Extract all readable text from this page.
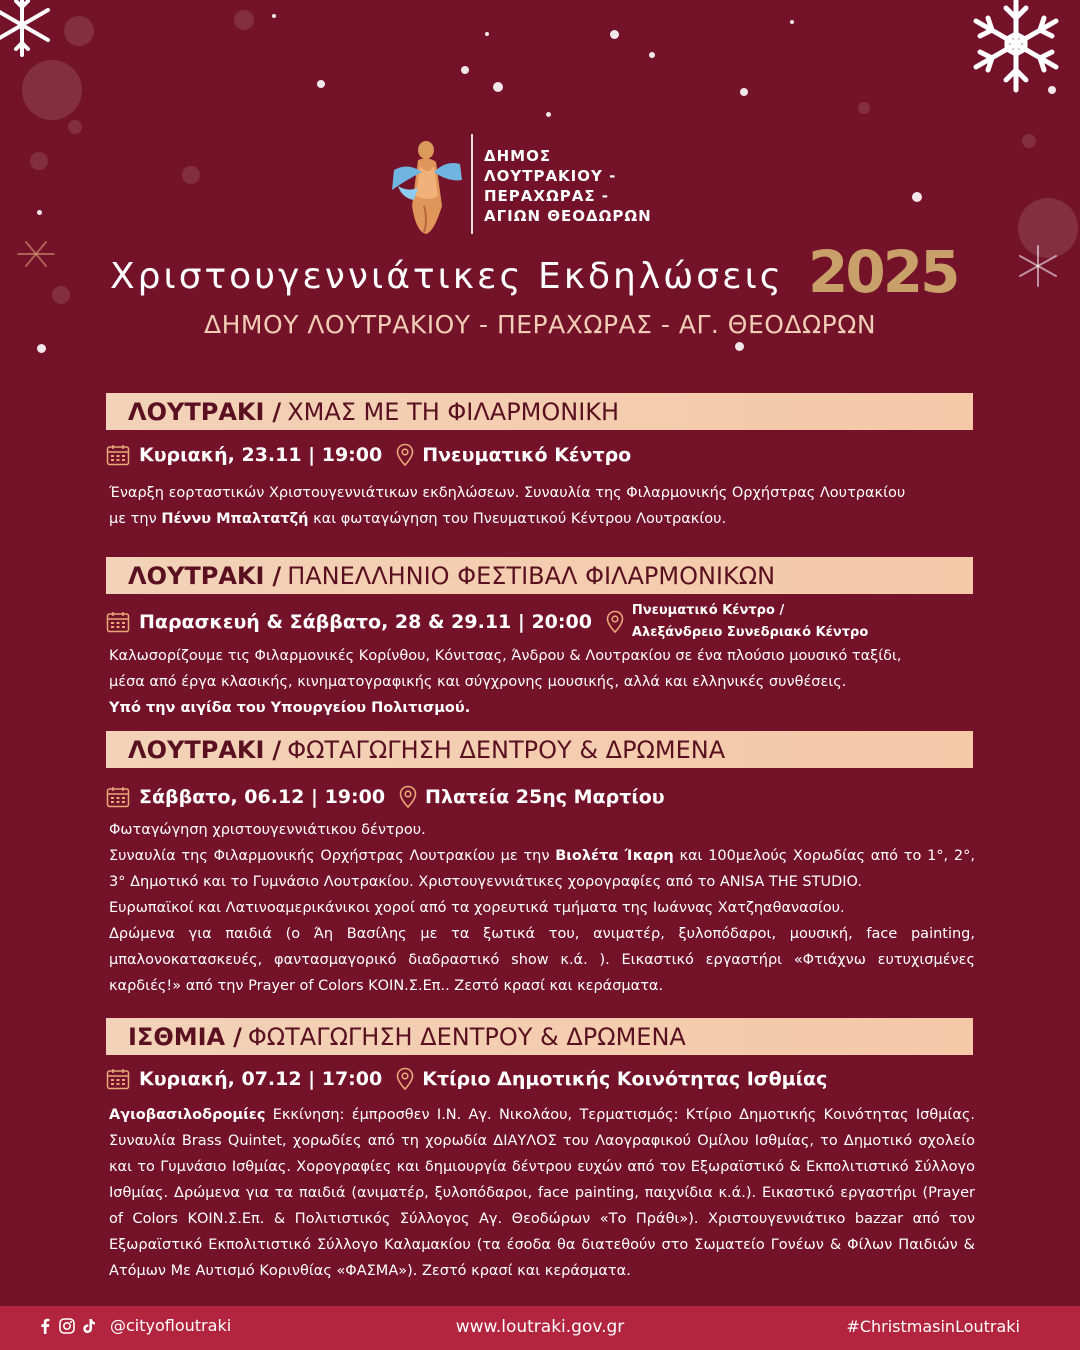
ΔΗΜΟΣ
ΛΟΥΤΡΑΚΙΟΥ -
ΠΕΡΑΧΩΡΑΣ -
ΑΓΙΩΝ ΘΕΟΔΩΡΩΝ
Χριστουγεννιάτικες Εκδηλώσεις 2025
ΔΗΜΟΥ ΛΟΥΤΡΑΚΙΟΥ - ΠΕΡΑΧΩΡΑΣ - ΑΓ. ΘΕΟΔΩΡΩΝ
ΛΟΥΤΡΑΚΙ / ΧΜΑΣ ΜΕ ΤΗ ΦΙΛΑΡΜΟΝΙΚΗ
Κυριακή, 23.11 | 19:00 Πνευματικό Κέντρο

Έναρξη εορταστικών Χριστουγεννιάτικων εκδηλώσεων. Συναυλία της Φιλαρμονικής Ορχήστρας Λουτρακίου

με την Πέννυ Μπαλτατζή και φωταγώγηση του Πνευματικού Κέντρου Λουτρακίου.

ΛΟΥΤΡΑΚΙ / ΠΑΝΕΛΛΗΝΙΟ ΦΕΣΤΙΒΑΛ ΦΙΛΑΡΜΟΝΙΚΩΝ
Παρασκευή & Σάββατο, 28 & 29.11 | 20:00
Πνευματικό Κέντρο /
Αλεξάνδρειο Συνεδριακό Κέντρο

Καλωσορίζουμε τις Φιλαρμονικές Κορίνθου, Κόνιτσας, Άνδρου & Λουτρακίου σε ένα πλούσιο μουσικό ταξίδι,

μέσα από έργα κλασικής, κινηματογραφικής και σύγχρονης μουσικής, αλλά και ελληνικές συνθέσεις.

Υπό την αιγίδα του Υπουργείου Πολιτισμού.

ΛΟΥΤΡΑΚΙ / ΦΩΤΑΓΩΓΗΣΗ ΔΕΝΤΡΟΥ & ΔΡΩΜΕΝΑ
Σάββατο, 06.12 | 19:00 Πλατεία 25ης Μαρτίου

Φωταγώγηση χριστουγεννιάτικου δέντρου.

Συναυλία της Φιλαρμονικής Ορχήστρας Λουτρακίου με την Βιολέτα Ίκαρη και 100μελούς Χορωδίας από το 1°, 2°, 3° Δημοτικό και το Γυμνάσιο Λουτρακίου. Χριστουγεννιάτικες χορογραφίες από το ANISA THE STUDIO.

Ευρωπαϊκοί και Λατινοαμερικάνικοι χοροί από τα χορευτικά τμήματα της Ιωάννας Χατζηαθανασίου.

Δρώμενα για παιδιά (ο Άη Βασίλης με τα ξωτικά του, ανιματέρ, ξυλοπόδαροι, μουσική, face painting, μπαλονοκατασκευές, φαντασμαγορικό διαδραστικό show κ.ά. ). Εικαστικό εργαστήρι «Φτιάχνω ευτυχισμένες καρδιές!» από την Prayer of Colors ΚΟΙΝ.Σ.Επ.. Ζεστό κρασί και κεράσματα.

ΙΣΘΜΙΑ / ΦΩΤΑΓΩΓΗΣΗ ΔΕΝΤΡΟΥ & ΔΡΩΜΕΝΑ
Κυριακή, 07.12 | 17:00 Κτίριο Δημοτικής Κοινότητας Ισθμίας

Αγιοβασιλοδρομίες Εκκίνηση: έμπροσθεν Ι.Ν. Αγ. Νικολάου, Τερματισμός: Κτίριο Δημοτικής Κοινότητας Ισθμίας. Συναυλία Brass Quintet, χορωδίες από τη χορωδία ΔΙΑΥΛΟΣ του Λαογραφικού Ομίλου Ισθμίας, το Δημοτικό σχολείο και το Γυμνάσιο Ισθμίας. Χορογραφίες και δημιουργία δέντρου ευχών από τον Εξωραϊστικό & Εκπολιτιστικό Σύλλογο Ισθμίας. Δρώμενα για τα παιδιά (ανιματέρ, ξυλοπόδαροι, face painting, παιχνίδια κ.ά.). Εικαστικό εργαστήρι (Prayer of Colors ΚΟΙΝ.Σ.Επ. & Πολιτιστικός Σύλλογος Αγ. Θεοδώρων «Το Πράθι»). Χριστουγεννιάτικο bazzar από τον Εξωραϊστικό Εκπολιτιστικό Σύλλογο Καλαμακίου (τα έσοδα θα διατεθούν στο Σωματείο Γονέων & Φίλων Παιδιών & Ατόμων Με Αυτισμό Κορινθίας «ΦΑΣΜΑ»). Ζεστό κρασί και κεράσματα.

@cityofloutraki	www.loutraki.gov.gr	#ChristmasinLoutraki
